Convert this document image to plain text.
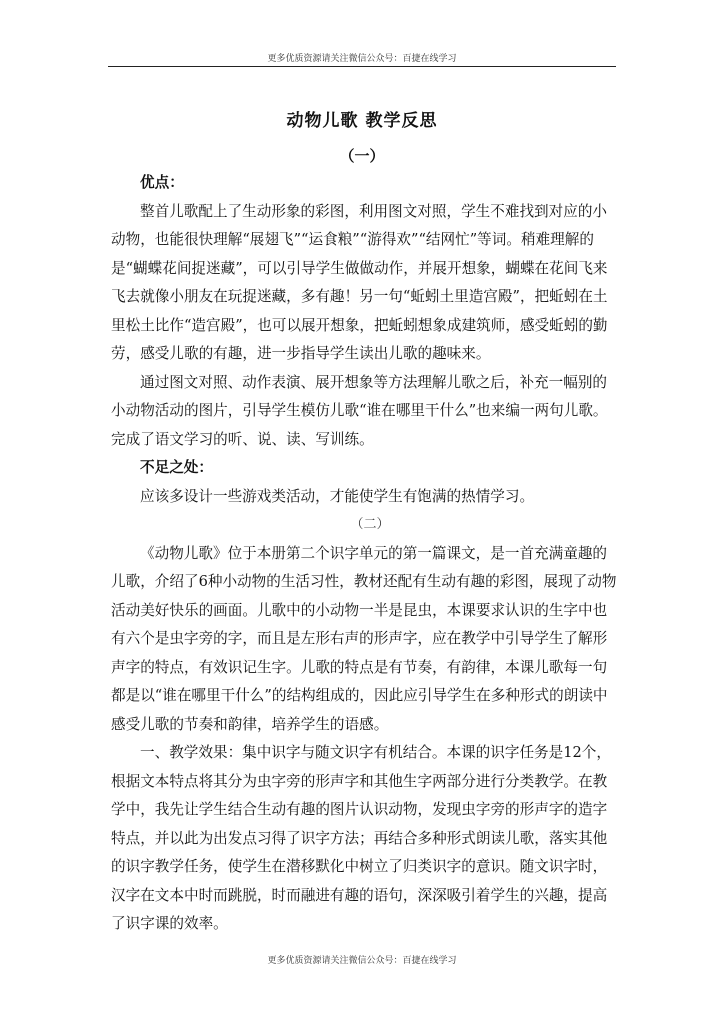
更多优质资源请关注微信公众号：百捷在线学习
动物儿歌 教学反思
（一）

优点：

整首儿歌配上了生动形象的彩图，利用图文对照，学生不难找到对应的小动物，也能很快理解“展翅飞”“运食粮”“游得欢”“结网忙”等词。稍难理解的是“蝴蝶花间捉迷藏”，可以引导学生做做动作，并展开想象，蝴蝶在花间飞来飞去就像小朋友在玩捉迷藏，多有趣！另一句“蚯蚓土里造宫殿”，把蚯蚓在土里松土比作“造宫殿”，也可以展开想象，把蚯蚓想象成建筑师，感受蚯蚓的勤劳，感受儿歌的有趣，进一步指导学生读出儿歌的趣味来。

通过图文对照、动作表演、展开想象等方法理解儿歌之后，补充一幅别的小动物活动的图片，引导学生模仿儿歌“谁在哪里干什么”也来编一两句儿歌。完成了语文学习的听、说、读、写训练。

不足之处：

应该多设计一些游戏类活动，才能使学生有饱满的热情学习。

（二）

《动物儿歌》位于本册第二个识字单元的第一篇课文，是一首充满童趣的儿歌，介绍了6种小动物的生活习性，教材还配有生动有趣的彩图，展现了动物活动美好快乐的画面。儿歌中的小动物一半是昆虫，本课要求认识的生字中也有六个是虫字旁的字，而且是左形右声的形声字，应在教学中引导学生了解形声字的特点，有效识记生字。儿歌的特点是有节奏，有韵律，本课儿歌每一句都是以“谁在哪里干什么”的结构组成的，因此应引导学生在多种形式的朗读中感受儿歌的节奏和韵律，培养学生的语感。

一、教学效果：集中识字与随文识字有机结合。本课的识字任务是12个，根据文本特点将其分为虫字旁的形声字和其他生字两部分进行分类教学。在教学中，我先让学生结合生动有趣的图片认识动物，发现虫字旁的形声字的造字特点，并以此为出发点习得了识字方法；再结合多种形式朗读儿歌，落实其他的识字教学任务，使学生在潜移默化中树立了归类识字的意识。随文识字时，汉字在文本中时而跳脱，时而融进有趣的语句，深深吸引着学生的兴趣，提高了识字课的效率。

更多优质资源请关注微信公众号：百捷在线学习
